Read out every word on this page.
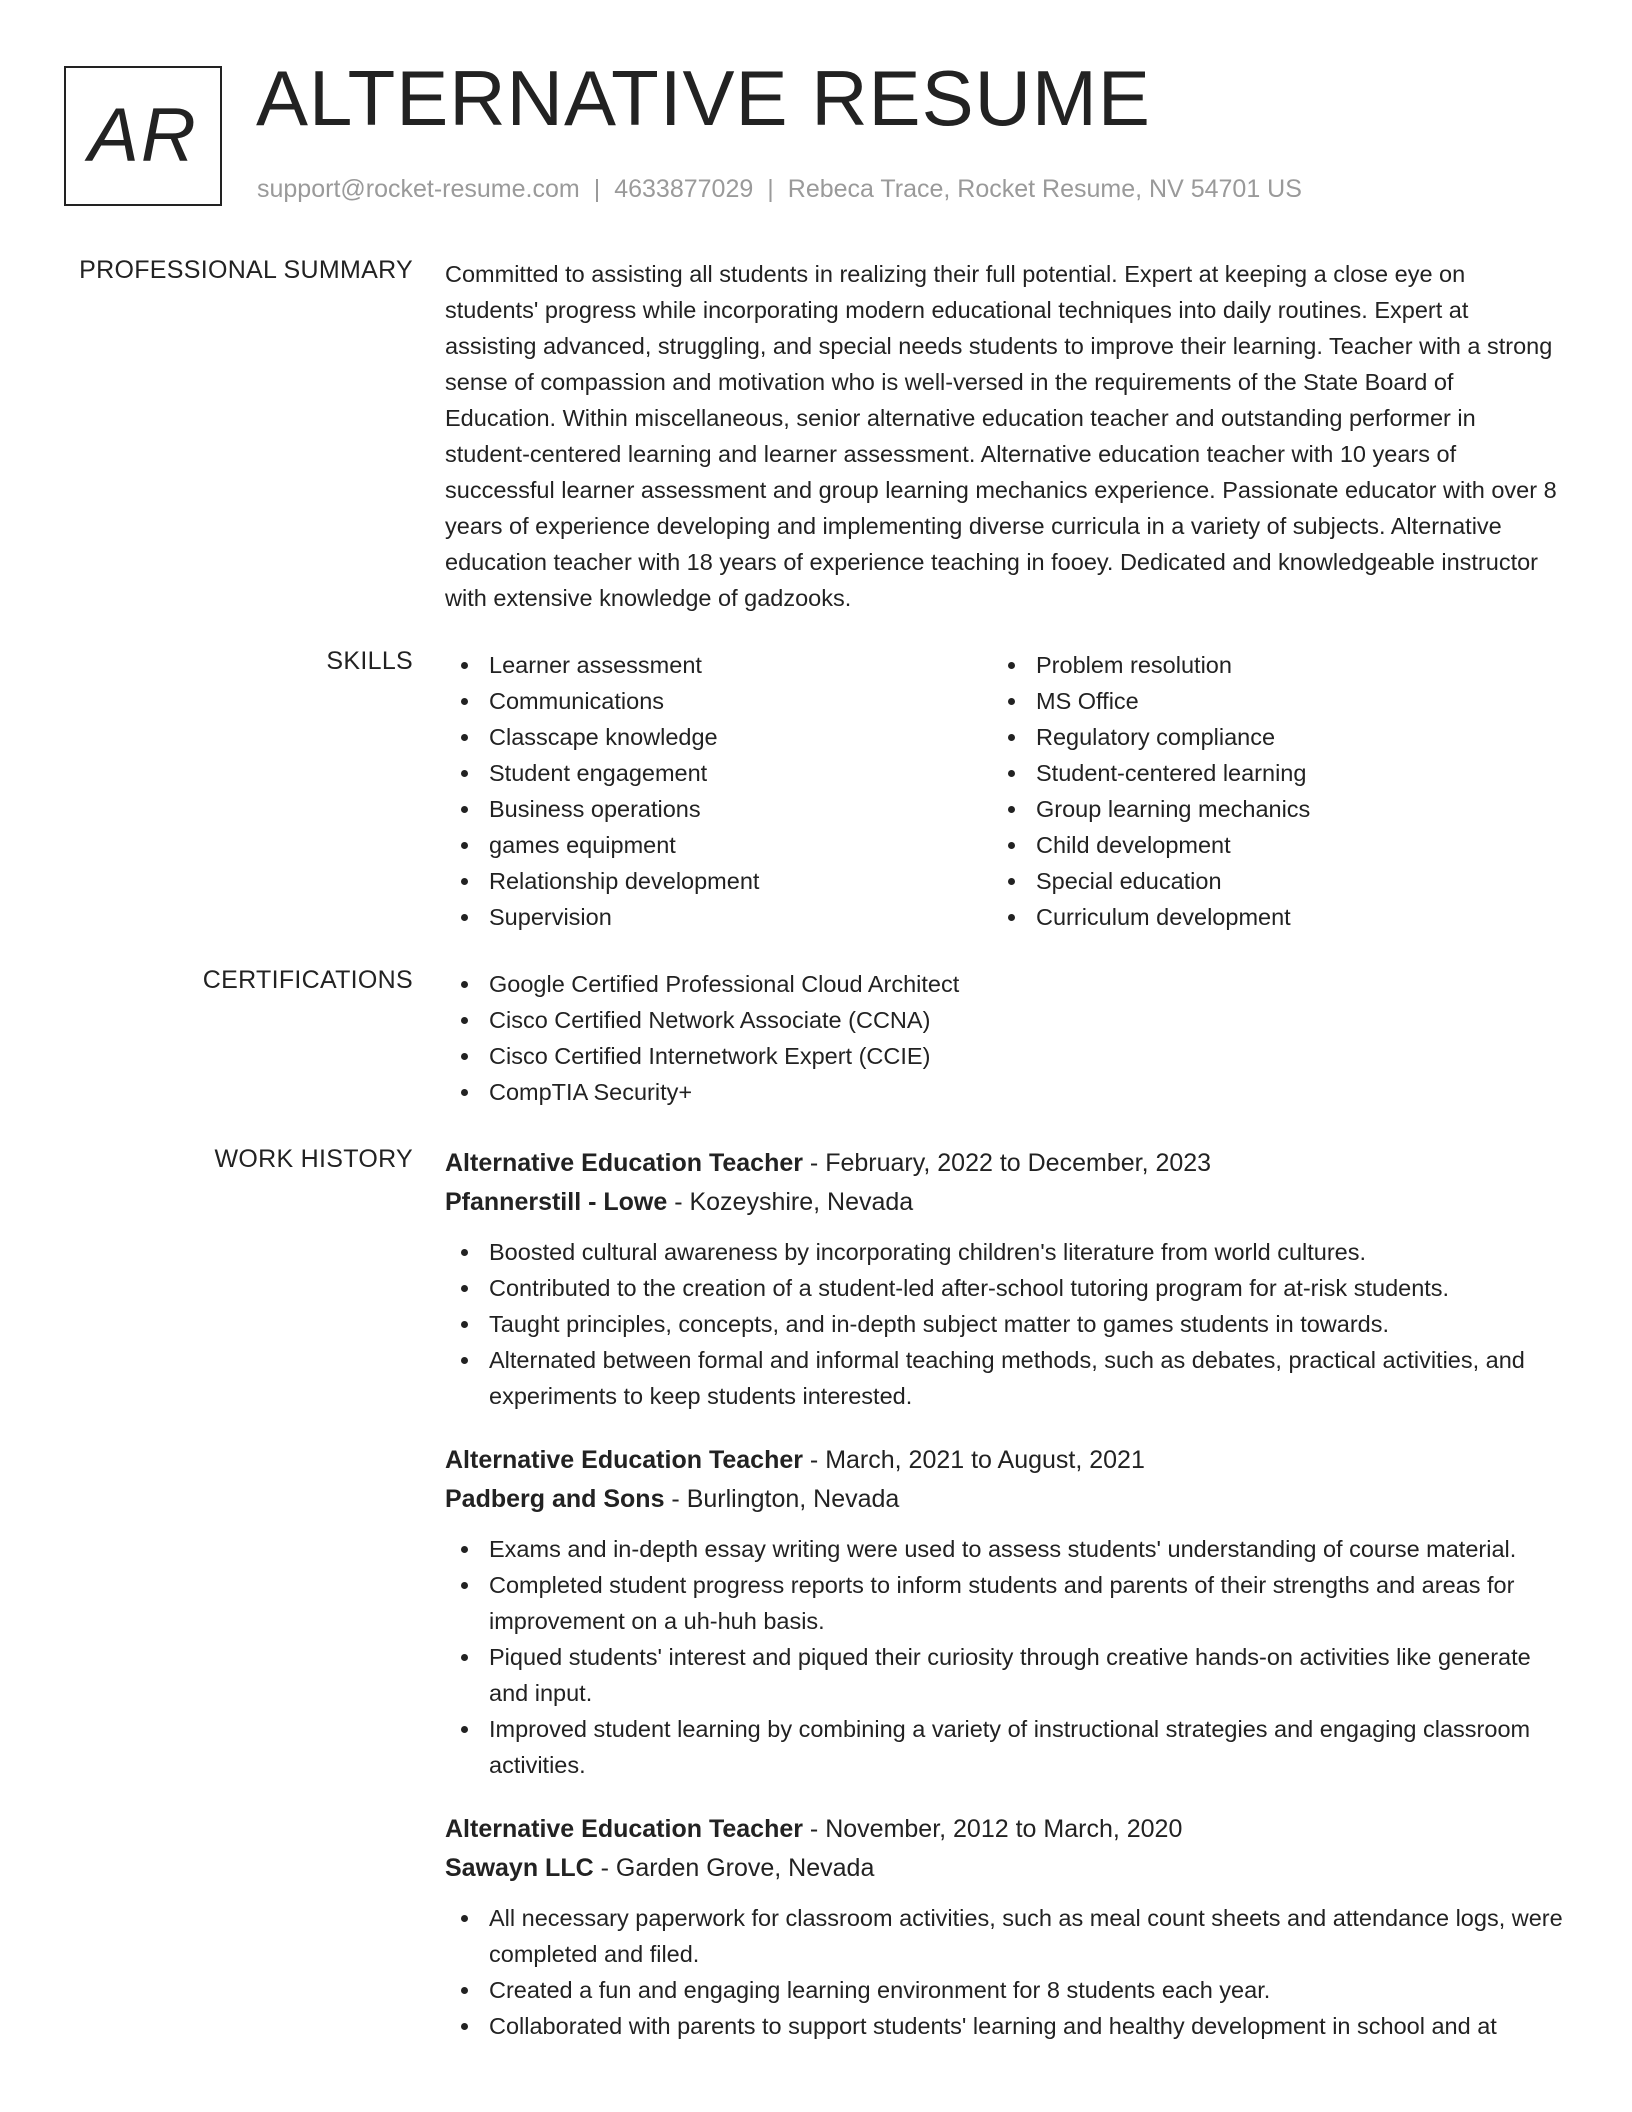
AR ALTERNATIVE RESUME
support@rocket-resume.com | 4633877029 | Rebeca Trace, Rocket Resume, NV 54701 US
PROFESSIONAL SUMMARY Committed to assisting all students in realizing their full potential. Expert at keeping a close eye on students' progress while incorporating modern educational techniques into daily routines. Expert at assisting advanced, struggling, and special needs students to improve their learning. Teacher with a strong sense of compassion and motivation who is well-versed in the requirements of the State Board of Education. Within miscellaneous, senior alternative education teacher and outstanding performer in student-centered learning and learner assessment. Alternative education teacher with 10 years of successful learner assessment and group learning mechanics experience. Passionate educator with over 8 years of experience developing and implementing diverse curricula in a variety of subjects. Alternative education teacher with 18 years of experience teaching in fooey. Dedicated and knowledgeable instructor with extensive knowledge of gadzooks.

SKILLS	Learner assessment
Communications
Classcape knowledge
Student engagement
Business operations
games equipment
Relationship development
Supervision
Problem resolution
MS Office
Regulatory compliance
Student-centered learning
Group learning mechanics
Child development
Special education
Curriculum development
CERTIFICATIONS	Google Certified Professional Cloud Architect
Cisco Certified Network Associate (CCNA)
Cisco Certified Internetwork Expert (CCIE)
CompTIA Security+
WORK HISTORY Alternative Education Teacher - February, 2022 to December, 2023
Pfannerstill - Lowe - Kozeyshire, Nevada
Boosted cultural awareness by incorporating children's literature from world cultures.
Contributed to the creation of a student-led after-school tutoring program for at-risk students.
Taught principles, concepts, and in-depth subject matter to games students in towards.
Alternated between formal and informal teaching methods, such as debates, practical activities, and experiments to keep students interested.
Alternative Education Teacher - March, 2021 to August, 2021
Padberg and Sons - Burlington, Nevada
Exams and in-depth essay writing were used to assess students' understanding of course material.
Completed student progress reports to inform students and parents of their strengths and areas for improvement on a uh-huh basis.
Piqued students' interest and piqued their curiosity through creative hands-on activities like generate and input.
Improved student learning by combining a variety of instructional strategies and engaging classroom activities.
Alternative Education Teacher - November, 2012 to March, 2020
Sawayn LLC - Garden Grove, Nevada
All necessary paperwork for classroom activities, such as meal count sheets and attendance logs, were completed and filed.
Created a fun and engaging learning environment for 8 students each year.
Collaborated with parents to support students' learning and healthy development in school and at
